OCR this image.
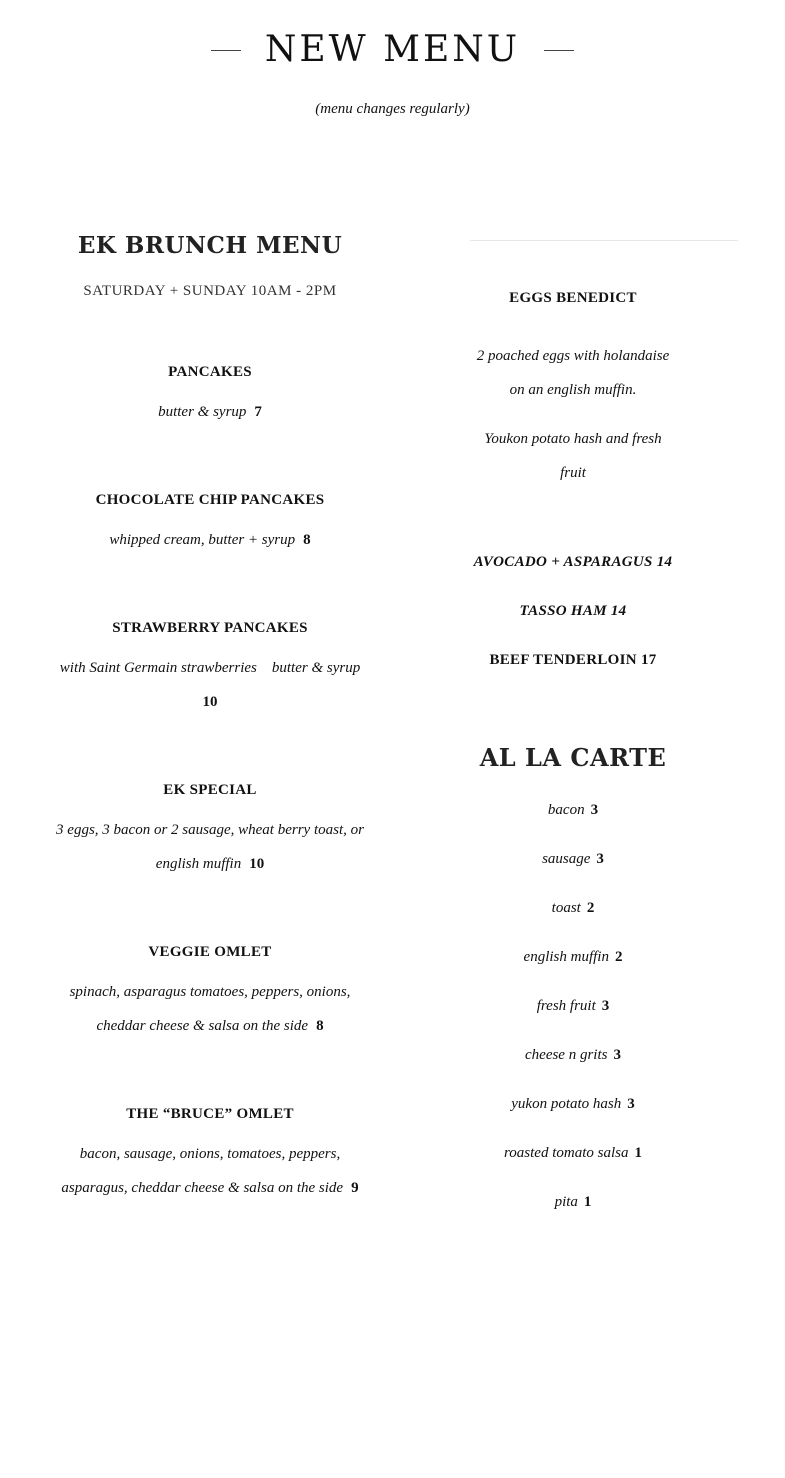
NEW MENU
(menu changes regularly)
EK BRUNCH MENU
SATURDAY + SUNDAY 10AM - 2PM
PANCAKES
butter & syrup 7
CHOCOLATE CHIP PANCAKES
whipped cream, butter + syrup 8
STRAWBERRY PANCAKES
with Saint Germain strawberries    butter & syrup
10
EK SPECIAL
3 eggs, 3 bacon or 2 sausage, wheat berry toast, or english muffin 10
VEGGIE OMLET
spinach, asparagus tomatoes, peppers, onions, cheddar cheese & salsa on the side 8
THE “BRUCE” OMLET
bacon, sausage, onions, tomatoes, peppers, asparagus, cheddar cheese & salsa on the side 9
EGGS BENEDICT
2 poached eggs with holandaise on an english muffin.
Youkon potato hash and fresh fruit
AVOCADO + ASPARAGUS 14
TASSO HAM 14
BEEF TENDERLOIN 17
AL LA CARTE
bacon 3
sausage 3
toast 2
english muffin 2
fresh fruit 3
cheese n grits 3
yukon potato hash 3
roasted tomato salsa 1
pita 1
